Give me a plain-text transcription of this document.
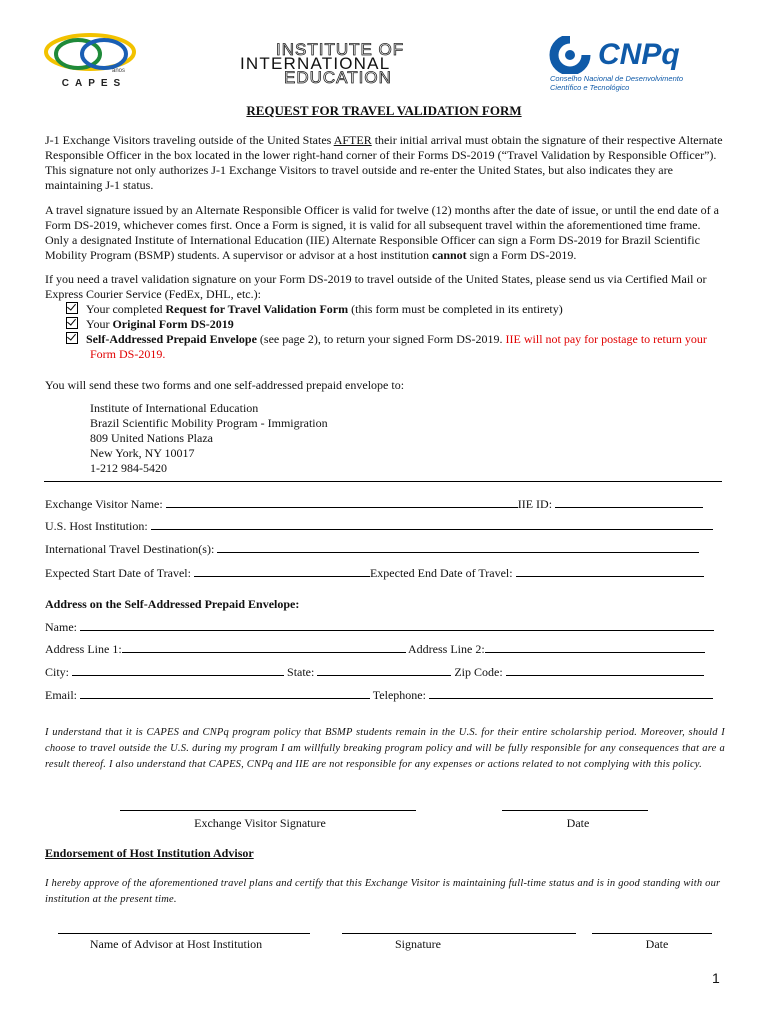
anos
CAPES
INSTITUTE OF
INTERNATIONAL
EDUCATION
CNPq
Conselho Nacional de Desenvolvimento
Científico e Tecnológico
REQUEST FOR TRAVEL VALIDATION FORM
J-1 Exchange Visitors traveling outside of the United States AFTER their initial arrival must obtain the signature of their respective Alternate Responsible Officer in the box located in the lower right-hand corner of their Forms DS-2019 (“Travel Validation by Responsible Officer”). This signature not only authorizes J-1 Exchange Visitors to travel outside and re-enter the United States, but also indicates they are maintaining J-1 status.
A travel signature issued by an Alternate Responsible Officer is valid for twelve (12) months after the date of issue, or until the end date of a Form DS-2019, whichever comes first. Once a Form is signed, it is valid for all subsequent travel within the aforementioned time frame. Only a designated Institute of International Education (IIE) Alternate Responsible Officer can sign a Form DS-2019 for Brazil Scientific Mobility Program (BSMP) students. A supervisor or advisor at a host institution cannot sign a Form DS-2019.
If you need a travel validation signature on your Form DS-2019 to travel outside of the United States, please send us via Certified Mail or Express Courier Service (FedEx, DHL, etc.):
Your completed Request for Travel Validation Form (this form must be completed in its entirety)
Your Original Form DS-2019
Self-Addressed Prepaid Envelope (see page 2), to return your signed Form DS-2019. IIE will not pay for postage to return your Form DS-2019.
You will send these two forms and one self-addressed prepaid envelope to:
Institute of International Education
Brazil Scientific Mobility Program - Immigration
809 United Nations Plaza
New York, NY 10017
1-212 984-5420
Exchange Visitor Name:	IIE ID:
U.S. Host Institution:
International Travel Destination(s):
Expected Start Date of Travel:	Expected End Date of Travel:
Address on the Self-Addressed Prepaid Envelope:
Name:
Address Line 1:	Address Line 2:
City:	State:	Zip Code:
Email:	Telephone:
I understand that it is CAPES and CNPq program policy that BSMP students remain in the U.S. for their entire scholarship period. Moreover, should I choose to travel outside the U.S. during my program I am willfully breaking program policy and will be fully responsible for any consequences that are a result thereof. I also understand that CAPES, CNPq and IIE are not responsible for any expenses or actions related to not complying with this policy.
Exchange Visitor Signature	Date
Endorsement of Host Institution Advisor
I hereby approve of the aforementioned travel plans and certify that this Exchange Visitor is maintaining full-time status and is in good standing with our institution at the present time.
Name of Advisor at Host Institution	Signature	Date
1
